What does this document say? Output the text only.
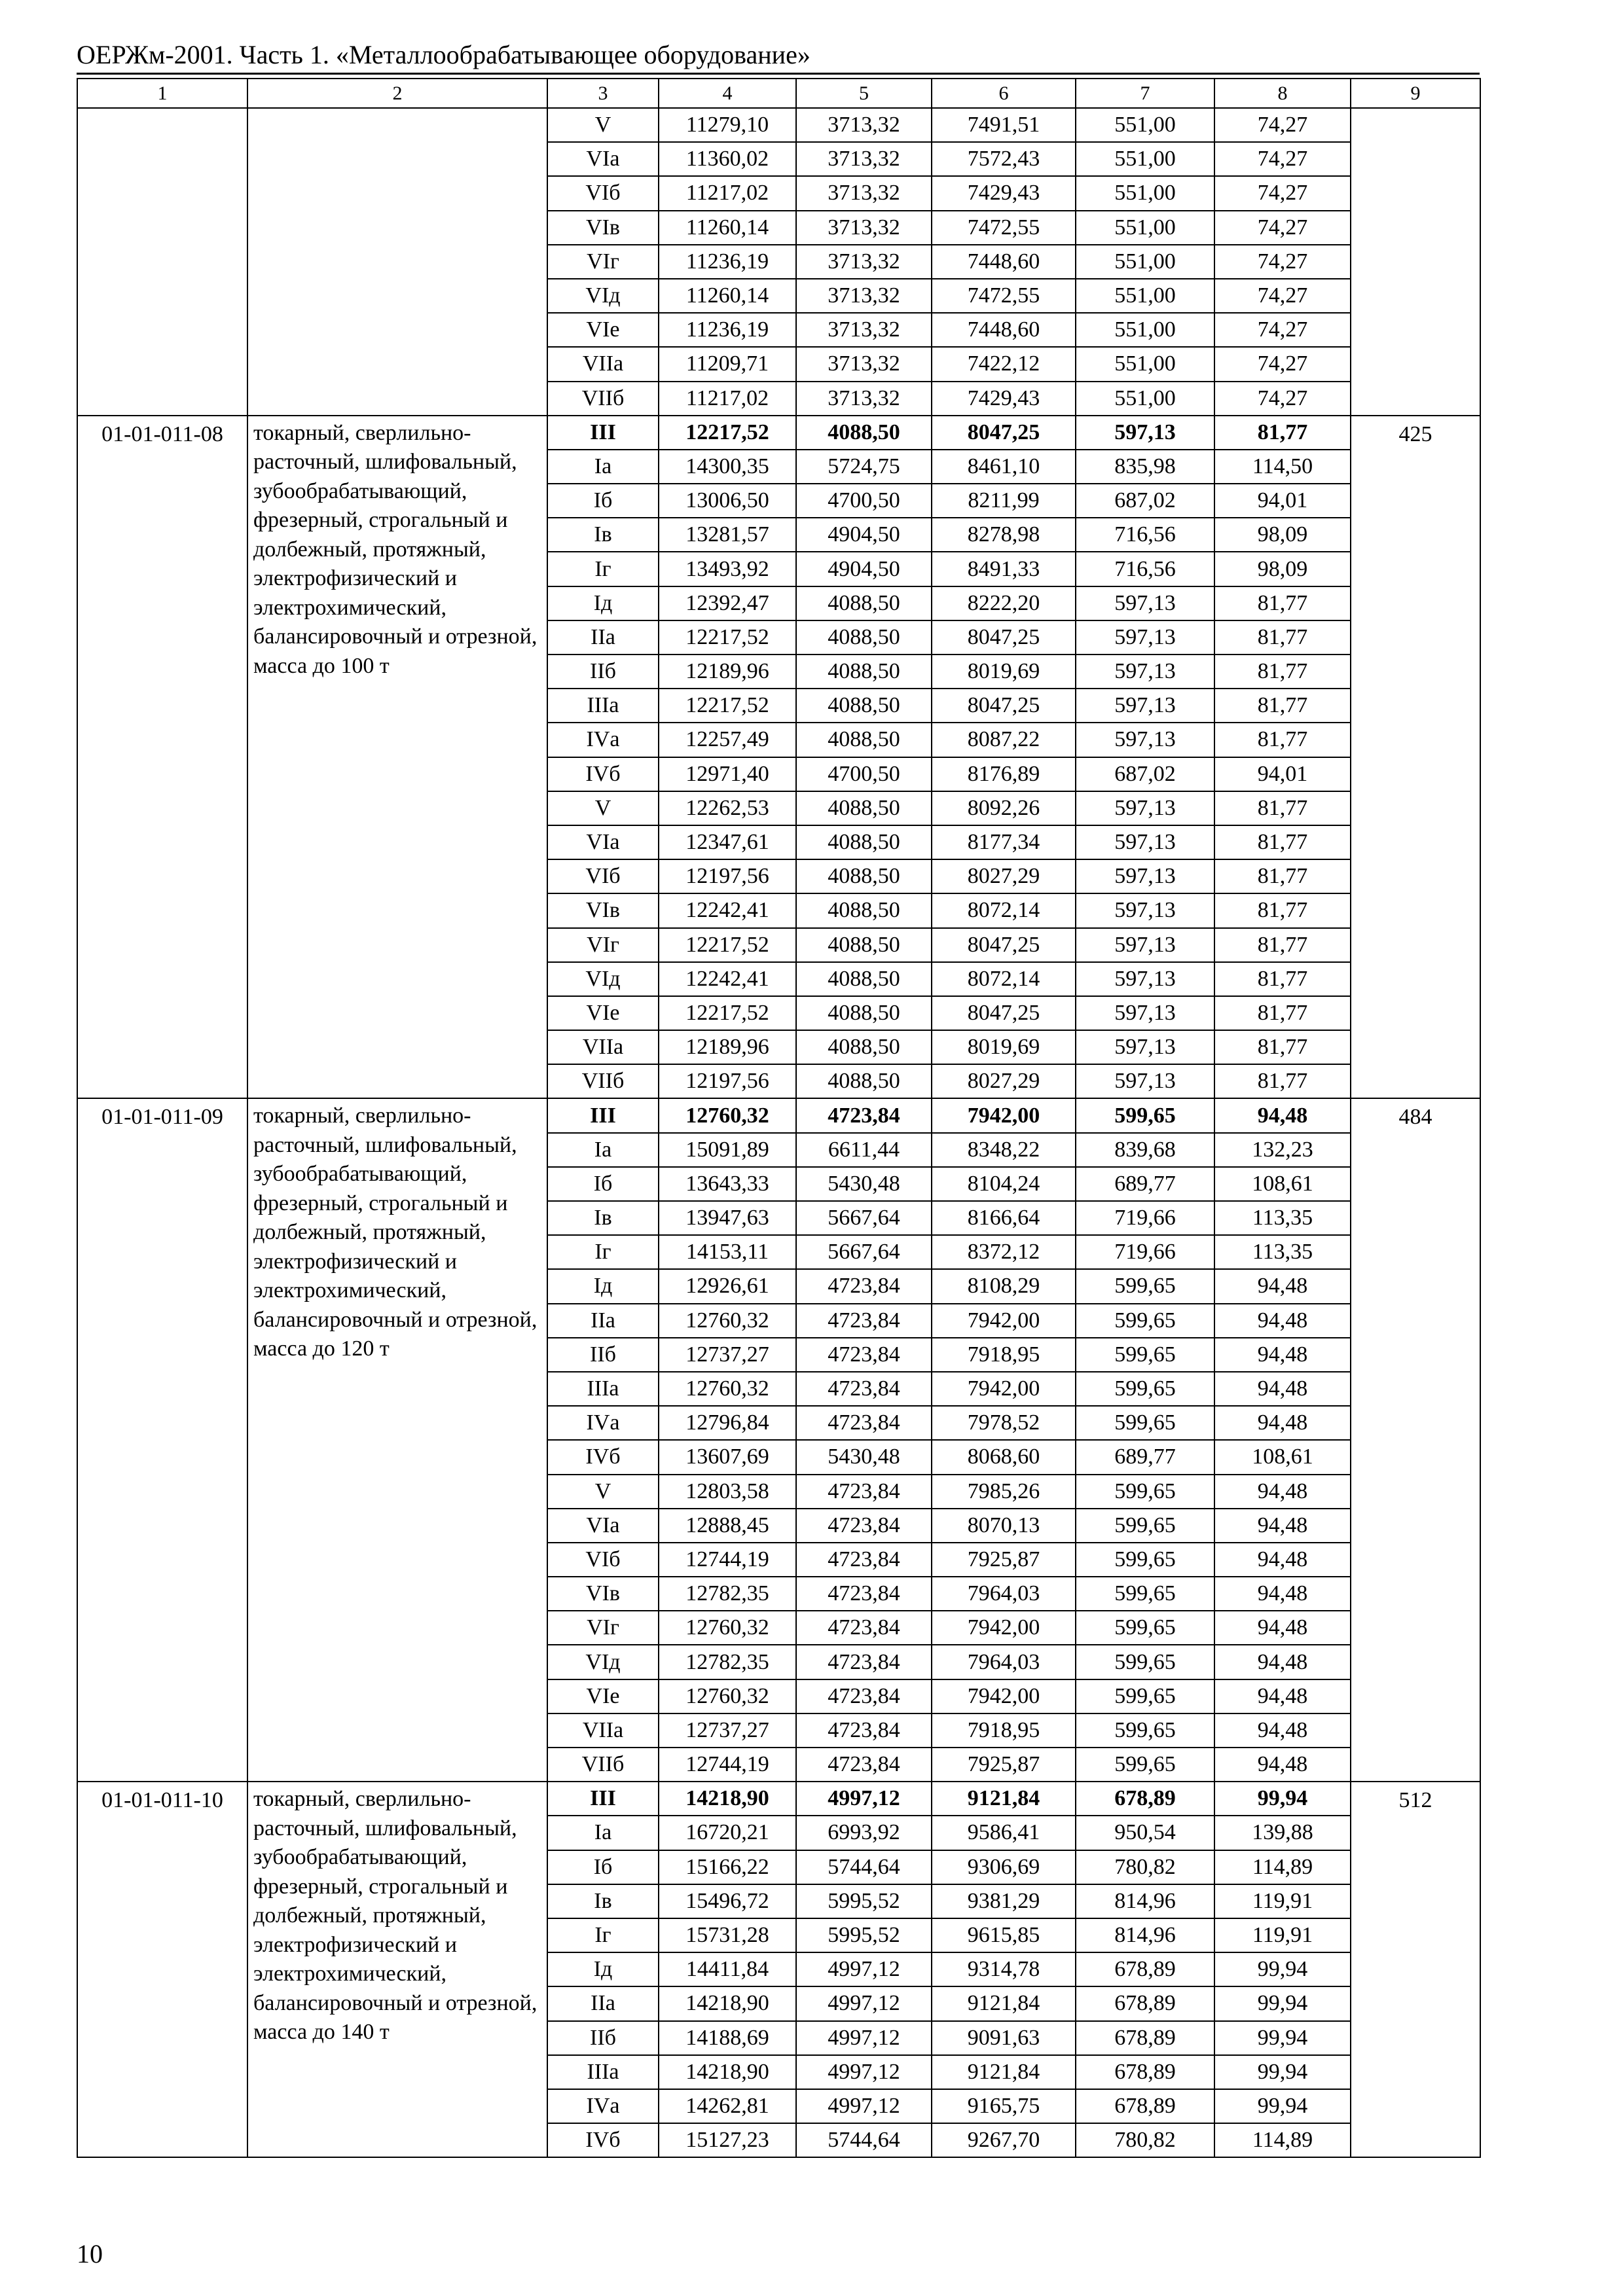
ОЕРЖм-2001. Часть 1. «Металлообрабатывающее оборудование»
1	2	3	4	5	6	7	8	9
		V	11279,10	3713,32	7491,51	551,00	74,27	
		VIа	11360,02	3713,32	7572,43	551,00	74,27	
		VIб	11217,02	3713,32	7429,43	551,00	74,27	
		VIв	11260,14	3713,32	7472,55	551,00	74,27	
		VIг	11236,19	3713,32	7448,60	551,00	74,27	
		VIд	11260,14	3713,32	7472,55	551,00	74,27	
		VIе	11236,19	3713,32	7448,60	551,00	74,27	
		VIIа	11209,71	3713,32	7422,12	551,00	74,27	
		VIIб	11217,02	3713,32	7429,43	551,00	74,27	
01-01-011-08	токарный, сверлильно-расточный, шлифовальный, зубообрабатывающий, фрезерный, строгальный и долбежный, протяжный, электрофизический и электрохимический, балансировочный и отрезной, масса до 100 т	III	12217,52	4088,50	8047,25	597,13	81,77	425
		Iа	14300,35	5724,75	8461,10	835,98	114,50	
		Iб	13006,50	4700,50	8211,99	687,02	94,01	
		Iв	13281,57	4904,50	8278,98	716,56	98,09	
		Iг	13493,92	4904,50	8491,33	716,56	98,09	
		Iд	12392,47	4088,50	8222,20	597,13	81,77	
		IIа	12217,52	4088,50	8047,25	597,13	81,77	
		IIб	12189,96	4088,50	8019,69	597,13	81,77	
		IIIа	12217,52	4088,50	8047,25	597,13	81,77	
		IVа	12257,49	4088,50	8087,22	597,13	81,77	
		IVб	12971,40	4700,50	8176,89	687,02	94,01	
		V	12262,53	4088,50	8092,26	597,13	81,77	
		VIа	12347,61	4088,50	8177,34	597,13	81,77	
		VIб	12197,56	4088,50	8027,29	597,13	81,77	
		VIв	12242,41	4088,50	8072,14	597,13	81,77	
		VIг	12217,52	4088,50	8047,25	597,13	81,77	
		VIд	12242,41	4088,50	8072,14	597,13	81,77	
		VIе	12217,52	4088,50	8047,25	597,13	81,77	
		VIIа	12189,96	4088,50	8019,69	597,13	81,77	
		VIIб	12197,56	4088,50	8027,29	597,13	81,77	
01-01-011-09	токарный, сверлильно-расточный, шлифовальный, зубообрабатывающий, фрезерный, строгальный и долбежный, протяжный, электрофизический и электрохимический, балансировочный и отрезной, масса до 120 т	III	12760,32	4723,84	7942,00	599,65	94,48	484
		Iа	15091,89	6611,44	8348,22	839,68	132,23	
		Iб	13643,33	5430,48	8104,24	689,77	108,61	
		Iв	13947,63	5667,64	8166,64	719,66	113,35	
		Iг	14153,11	5667,64	8372,12	719,66	113,35	
		Iд	12926,61	4723,84	8108,29	599,65	94,48	
		IIа	12760,32	4723,84	7942,00	599,65	94,48	
		IIб	12737,27	4723,84	7918,95	599,65	94,48	
		IIIа	12760,32	4723,84	7942,00	599,65	94,48	
		IVа	12796,84	4723,84	7978,52	599,65	94,48	
		IVб	13607,69	5430,48	8068,60	689,77	108,61	
		V	12803,58	4723,84	7985,26	599,65	94,48	
		VIа	12888,45	4723,84	8070,13	599,65	94,48	
		VIб	12744,19	4723,84	7925,87	599,65	94,48	
		VIв	12782,35	4723,84	7964,03	599,65	94,48	
		VIг	12760,32	4723,84	7942,00	599,65	94,48	
		VIд	12782,35	4723,84	7964,03	599,65	94,48	
		VIе	12760,32	4723,84	7942,00	599,65	94,48	
		VIIа	12737,27	4723,84	7918,95	599,65	94,48	
		VIIб	12744,19	4723,84	7925,87	599,65	94,48	
01-01-011-10	токарный, сверлильно-расточный, шлифовальный, зубообрабатывающий, фрезерный, строгальный и долбежный, протяжный, электрофизический и электрохимический, балансировочный и отрезной, масса до 140 т	III	14218,90	4997,12	9121,84	678,89	99,94	512
		Iа	16720,21	6993,92	9586,41	950,54	139,88	
		Iб	15166,22	5744,64	9306,69	780,82	114,89	
		Iв	15496,72	5995,52	9381,29	814,96	119,91	
		Iг	15731,28	5995,52	9615,85	814,96	119,91	
		Iд	14411,84	4997,12	9314,78	678,89	99,94	
		IIа	14218,90	4997,12	9121,84	678,89	99,94	
		IIб	14188,69	4997,12	9091,63	678,89	99,94	
		IIIа	14218,90	4997,12	9121,84	678,89	99,94	
		IVа	14262,81	4997,12	9165,75	678,89	99,94	
		IVб	15127,23	5744,64	9267,70	780,82	114,89	
10
